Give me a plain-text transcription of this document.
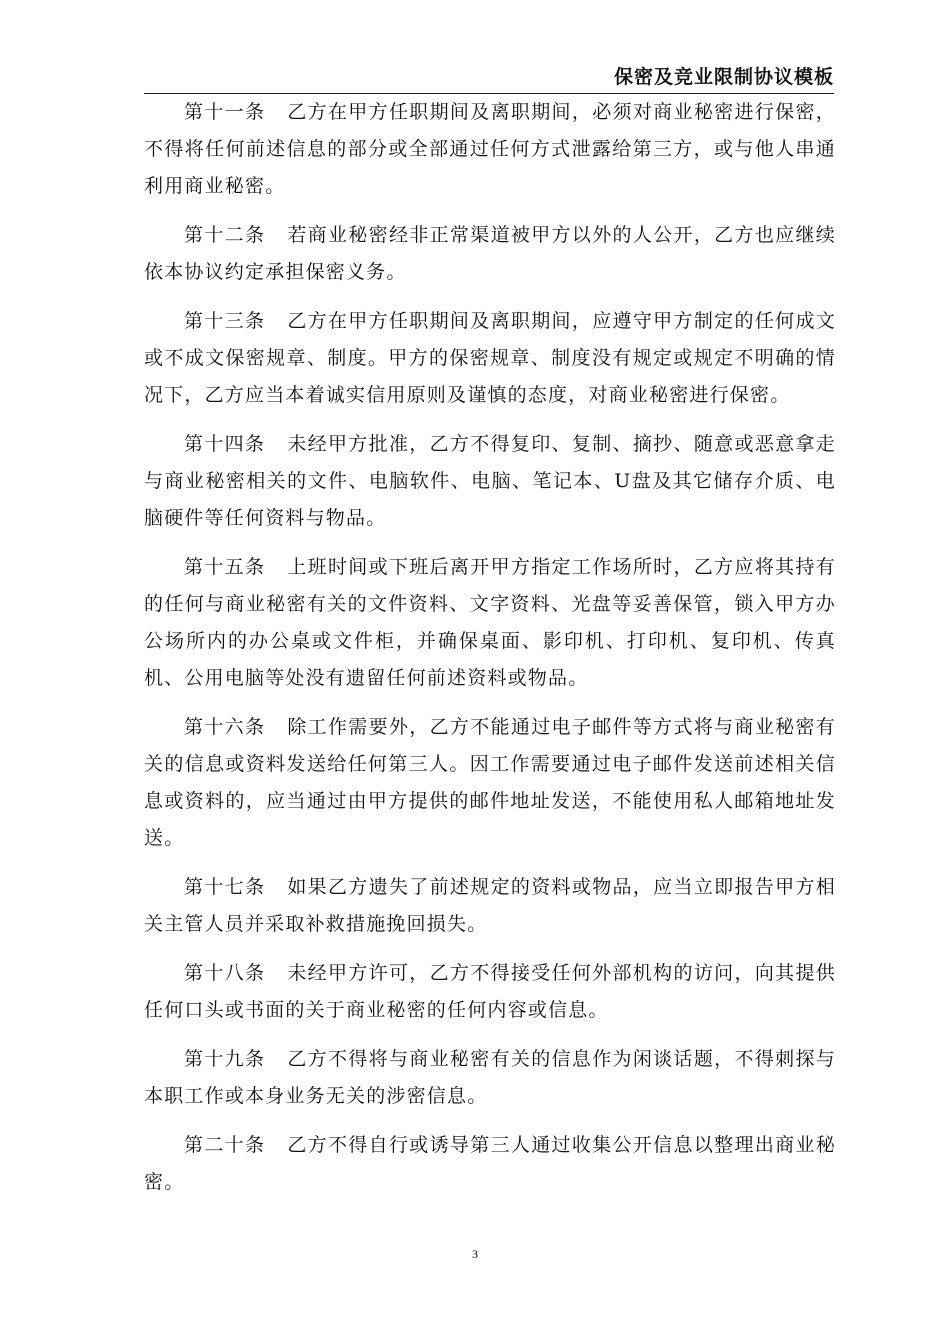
保密及竞业限制协议模板

第十一条 乙方在甲方任职期间及离职期间，必须对商业秘密进行保密，不得将任何前述信息的部分或全部通过任何方式泄露给第三方，或与他人串通利用商业秘密。

第十二条 若商业秘密经非正常渠道被甲方以外的人公开，乙方也应继续依本协议约定承担保密义务。

第十三条 乙方在甲方任职期间及离职期间，应遵守甲方制定的任何成文或不成文保密规章、制度。甲方的保密规章、制度没有规定或规定不明确的情况下，乙方应当本着诚实信用原则及谨慎的态度，对商业秘密进行保密。

第十四条 未经甲方批准，乙方不得复印、复制、摘抄、随意或恶意拿走与商业秘密相关的文件、电脑软件、电脑、笔记本、U盘及其它储存介质、电脑硬件等任何资料与物品。

第十五条 上班时间或下班后离开甲方指定工作场所时，乙方应将其持有的任何与商业秘密有关的文件资料、文字资料、光盘等妥善保管，锁入甲方办公场所内的办公桌或文件柜，并确保桌面、影印机、打印机、复印机、传真机、公用电脑等处没有遗留任何前述资料或物品。

第十六条 除工作需要外，乙方不能通过电子邮件等方式将与商业秘密有关的信息或资料发送给任何第三人。因工作需要通过电子邮件发送前述相关信息或资料的，应当通过由甲方提供的邮件地址发送，不能使用私人邮箱地址发送。

第十七条 如果乙方遗失了前述规定的资料或物品，应当立即报告甲方相关主管人员并采取补救措施挽回损失。

第十八条 未经甲方许可，乙方不得接受任何外部机构的访问，向其提供任何口头或书面的关于商业秘密的任何内容或信息。

第十九条 乙方不得将与商业秘密有关的信息作为闲谈话题，不得刺探与本职工作或本身业务无关的涉密信息。

第二十条 乙方不得自行或诱导第三人通过收集公开信息以整理出商业秘密。

3
